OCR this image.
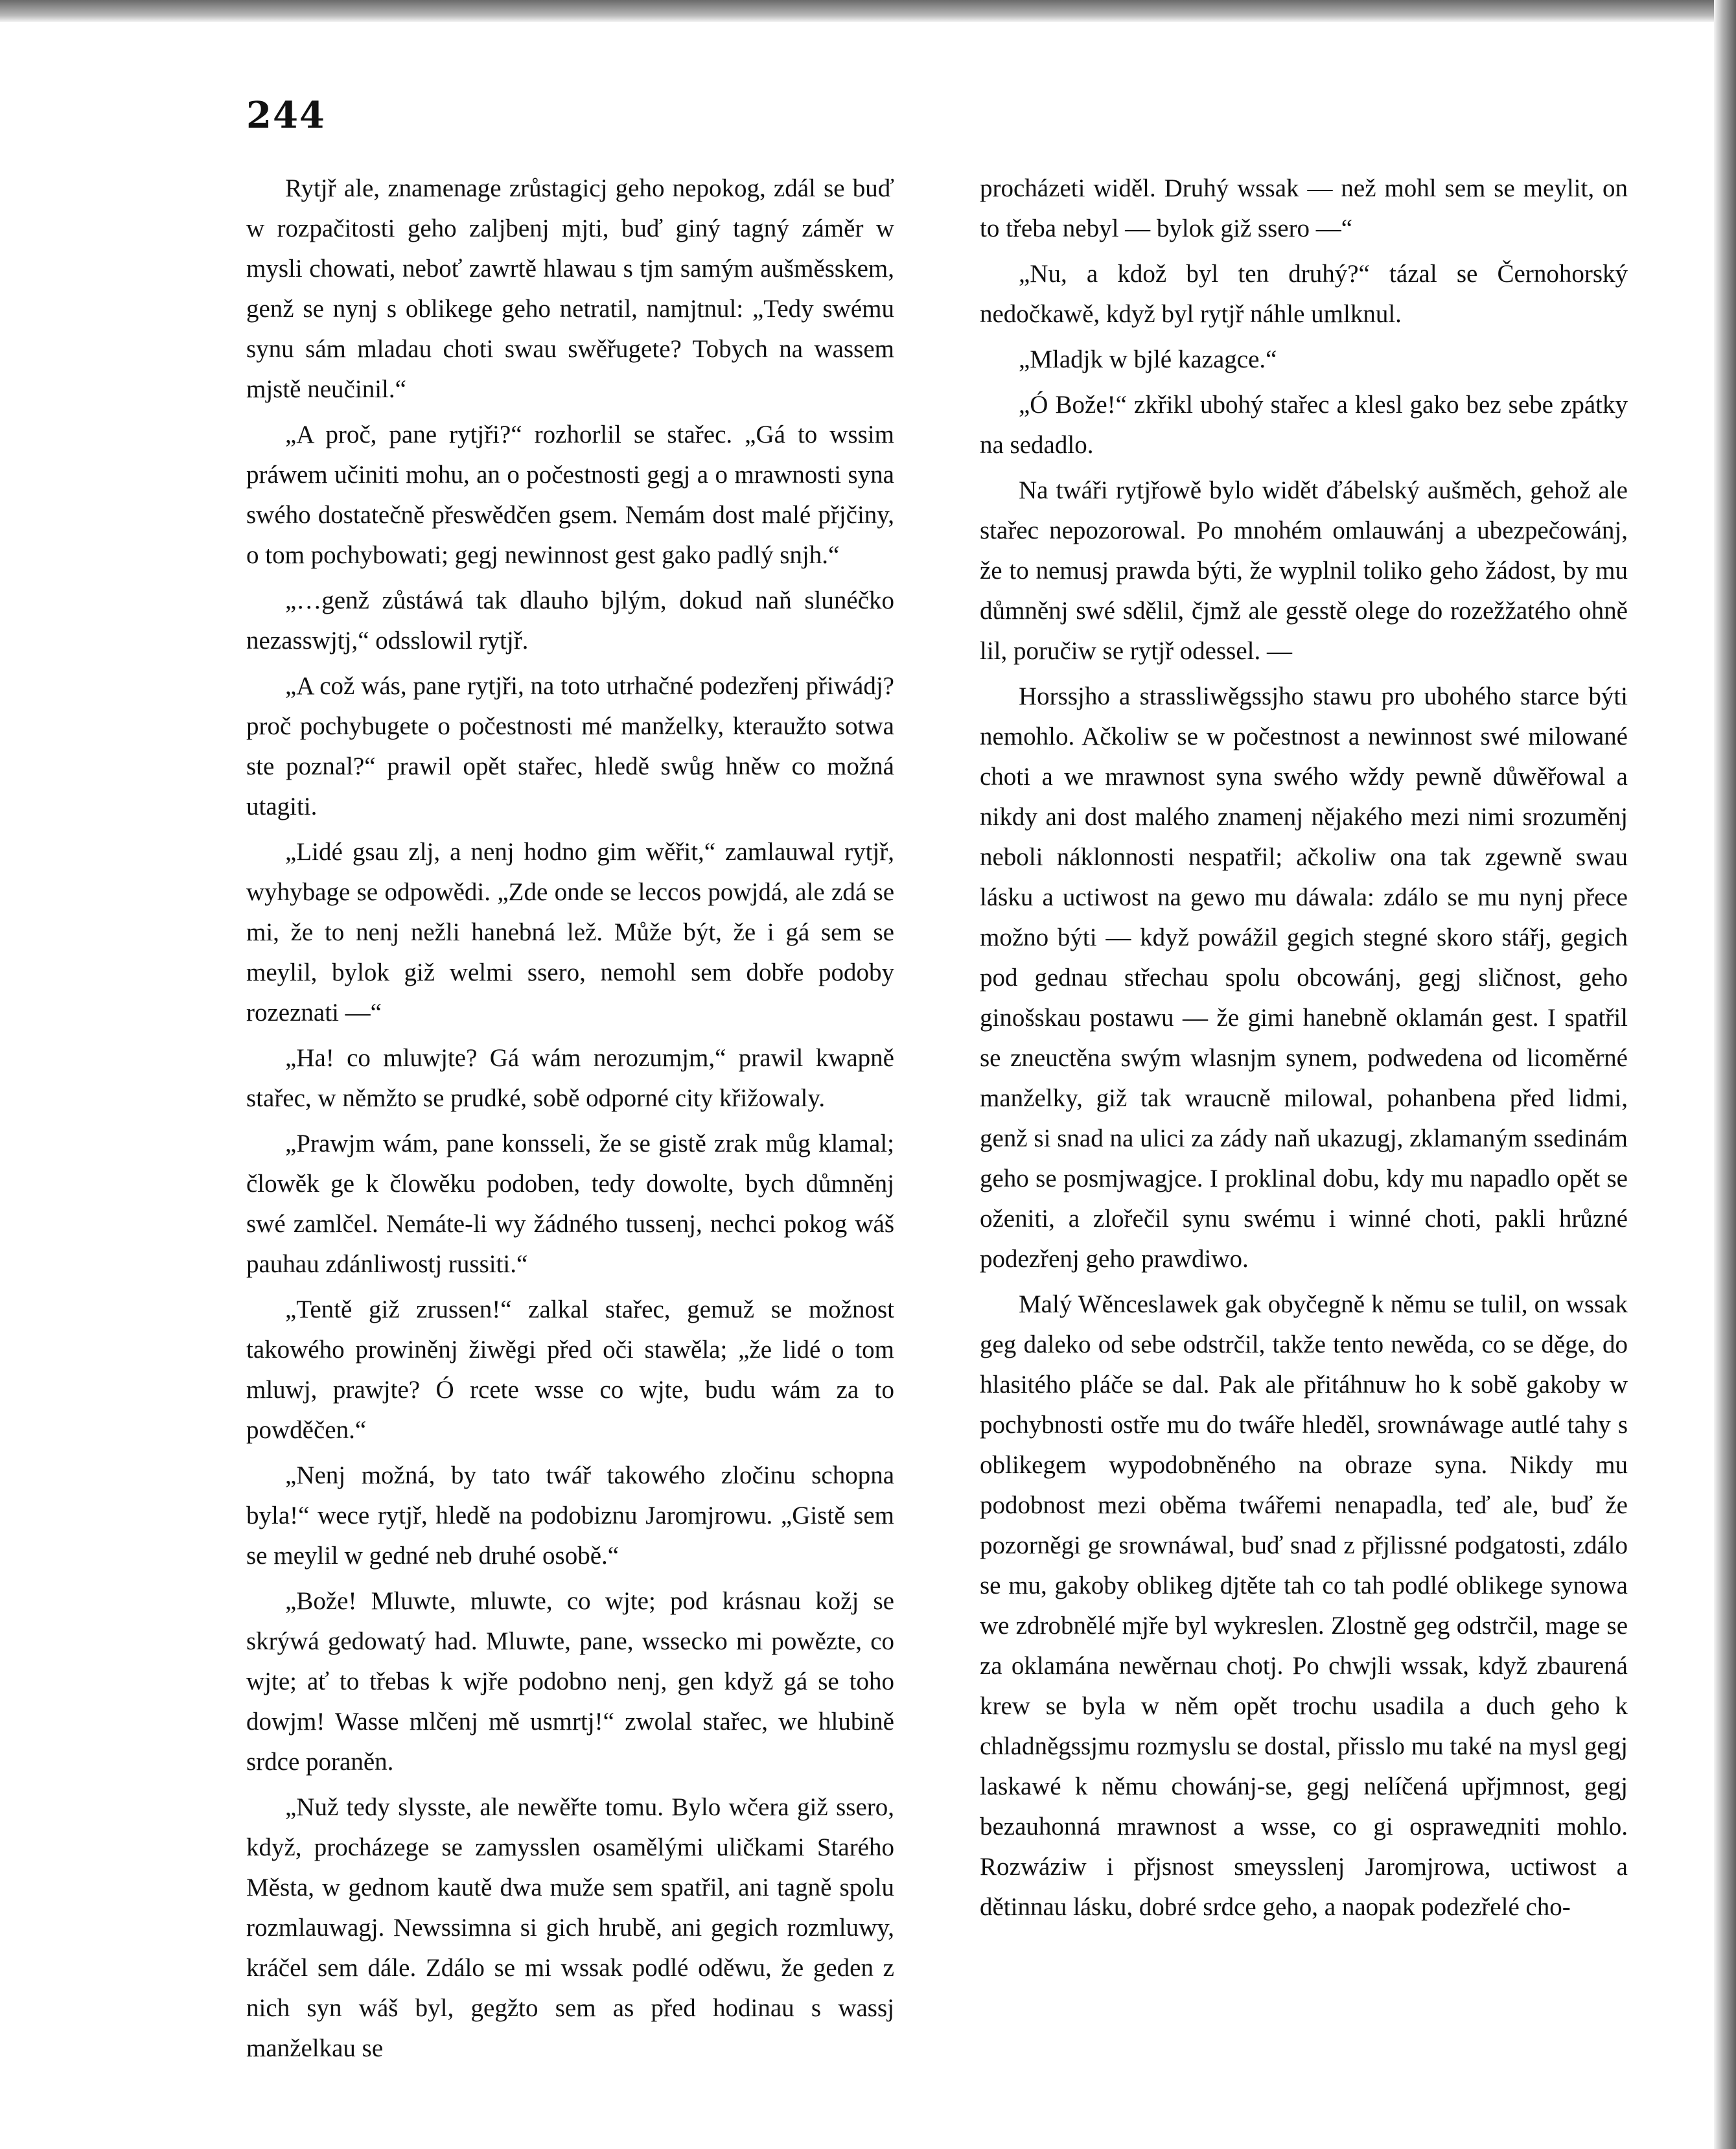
244

Rytjř ale, znamenage zrůstagicj geho nepokog, zdál se buď w rozpačitosti geho zaljbenj mjti, buď giný tagný záměr w mysli chowati, neboť zawrtě hlawau s tjm samým aušměsskem, genž se nynj s oblikege geho netratil, namjtnul: „Tedy swému synu sám mladau choti swau swěřugete? Tobych na wassem mjstě neučinil.“

„A proč, pane rytjři?“ rozhorlil se stařec. „Gá to wssim práwem učiniti mohu, an o počestnosti gegj a o mrawnosti syna swého dostatečně přeswědčen gsem. Nemám dost malé přjčiny, o tom pochybowati; gegj newinnost gest gako padlý snjh.“

„…genž zůstáwá tak dlauho bjlým, dokud naň slunéčko nezasswjtj,“ odsslowil rytjř.

„A což wás, pane rytjři, na toto utrhačné podezřenj přiwádj? proč pochybugete o počestnosti mé manželky, kteraužto sotwa ste poznal?“ prawil opět stařec, hledě swůg hněw co možná utagiti.

„Lidé gsau zlj, a nenj hodno gim wěřit,“ zamlauwal rytjř, wyhybage se odpowědi. „Zde onde se leccos powjdá, ale zdá se mi, že to nenj nežli hanebná lež. Může být, že i gá sem se meylil, bylok giž welmi ssero, nemohl sem dobře podoby rozeznati —“

„Ha! co mluwjte? Gá wám nerozumjm,“ prawil kwapně stařec, w němžto se prudké, sobě odporné city křižowaly.

„Prawjm wám, pane konsseli, že se gistě zrak můg klamal; člowěk ge k člowěku podoben, tedy dowolte, bych důmněnj swé zamlčel. Nemáte-li wy žádného tussenj, nechci pokog wáš pauhau zdánliwostj russiti.“

„Tentě giž zrussen!“ zalkal stařec, gemuž se možnost takowého prowiněnj žiwěgi před oči stawěla; „že lidé o tom mluwj, prawjte? Ó rcete wsse co wjte, budu wám za to powděčen.“

„Nenj možná, by tato twář takowého zločinu schopna byla!“ wece rytjř, hledě na podobiznu Jaromjrowu. „Gistě sem se meylil w gedné neb druhé osobě.“

„Bože! Mluwte, mluwte, co wjte; pod krásnau kožj se skrýwá gedowatý had. Mluwte, pane, wssecko mi powězte, co wjte; ať to třebas k wjře podobno nenj, gen když gá se toho dowjm! Wasse mlčenj mě usmrtj!“ zwolal stařec, we hlubině srdce poraněn.

„Nuž tedy slysste, ale newěřte tomu. Bylo wčera giž ssero, když, procházege se zamysslen osamělými uličkami Starého Města, w gednom kautě dwa muže sem spatřil, ani tagně spolu rozmlauwagj. Newssimna si gich hrubě, ani gegich rozmluwy, kráčel sem dále. Zdálo se mi wssak podlé oděwu, že geden z nich syn wáš byl, gegžto sem as před hodinau s wassj manželkau se

procházeti widěl. Druhý wssak — než mohl sem se meylit, on to třeba nebyl — bylok giž ssero —“

„Nu, a kdož byl ten druhý?“ tázal se Černohorský nedočkawě, když byl rytjř náhle umlknul.

„Mladjk w bjlé kazagce.“

„Ó Bože!“ zkřikl ubohý stařec a klesl gako bez sebe zpátky na sedadlo.

Na twáři rytjřowě bylo widět ďábelský aušměch, gehož ale stařec nepozorowal. Po mnohém omlauwánj a ubezpečowánj, že to nemusj prawda býti, že wyplnil toliko geho žádost, by mu důmněnj swé sdělil, čjmž ale gesstě olege do rozežžatého ohně lil, poručiw se rytjř odessel. —

Horssjho a strassliwěgssjho stawu pro ubohého starce býti nemohlo. Ačkoliw se w počestnost a newinnost swé milowané choti a we mrawnost syna swého wždy pewně důwěřowal a nikdy ani dost malého znamenj nějakého mezi nimi srozuměnj neboli náklonnosti nespatřil; ačkoliw ona tak zgewně swau lásku a uctiwost na gewo mu dáwala: zdálo se mu nynj přece možno býti — když powážil gegich stegné skoro stářj, gegich pod gednau střechau spolu obcowánj, gegj sličnost, geho ginošskau postawu — že gimi hanebně oklamán gest. I spatřil se zneuctěna swým wlasnjm synem, podwedena od licoměrné manželky, giž tak wraucně milowal, pohanbena před lidmi, genž si snad na ulici za zády naň ukazugj, zklamaným ssedinám geho se posmjwagjce. I proklinal dobu, kdy mu napadlo opět se oženiti, a zlořečil synu swému i winné choti, pakli hrůzné podezřenj geho prawdiwo.

Malý Wěnceslawek gak obyčegně k němu se tulil, on wssak geg daleko od sebe odstrčil, takže tento newěda, co se děge, do hlasitého pláče se dal. Pak ale přitáhnuw ho k sobě gakoby w pochybnosti ostře mu do twáře hleděl, srownáwage autlé tahy s oblikegem wypodobněného na obraze syna. Nikdy mu podobnost mezi oběma twářemi nenapadla, teď ale, buď že pozorněgi ge srownáwal, buď snad z přjlissné podgatosti, zdálo se mu, gakoby oblikeg djtěte tah co tah podlé oblikege synowa we zdrobnělé mjře byl wykreslen. Zlostně geg odstrčil, mage se za oklamána newěrnau chotj. Po chwjli wssak, když zbaurená krew se byla w něm opět trochu usadila a duch geho k chladněgssjmu rozmyslu se dostal, přisslo mu také na mysl gegj laskawé k němu chowánj-se, gegj nelíčená upřjmnost, gegj bezauhonná mrawnost a wsse, co gi ospraweдniti mohlo. Rozwáziw i přjsnost smeysslenj Jaromjrowa, uctiwost a dětinnau lásku, dobré srdce geho, a naopak podezřelé cho-
